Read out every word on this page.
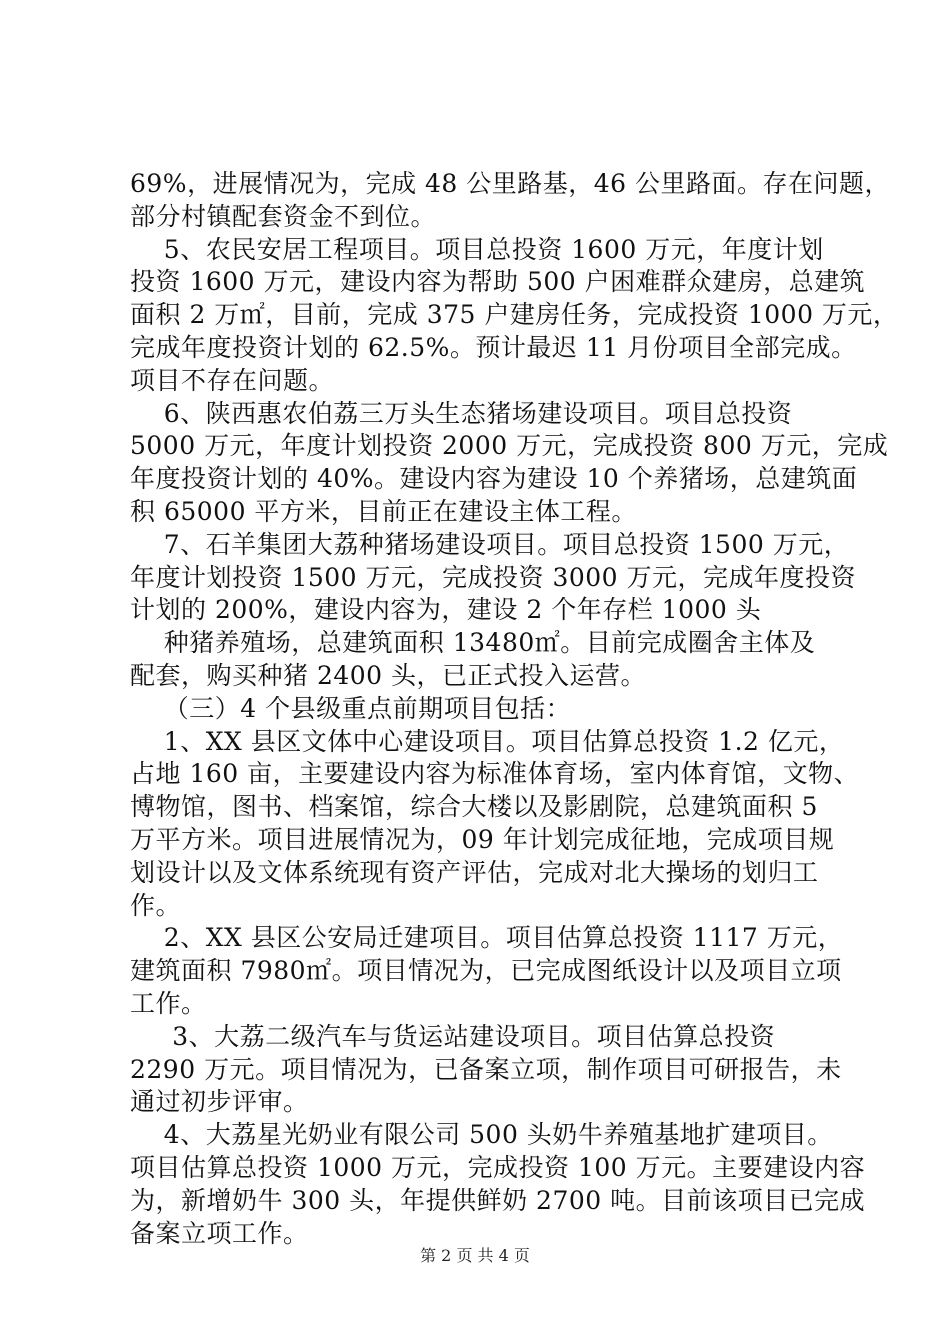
69%，进展情况为，完成 48 公里路基，46 公里路面。存在问题，
部分村镇配套资金不到位。
5、农民安居工程项目。项目总投资 1600 万元，年度计划
投资 1600 万元，建设内容为帮助 500 户困难群众建房，总建筑
面积 2 万㎡，目前，完成 375 户建房任务，完成投资 1000 万元，
完成年度投资计划的 62.5%。预计最迟 11 月份项目全部完成。
项目不存在问题。
6、陕西惠农伯荔三万头生态猪场建设项目。项目总投资
5000 万元，年度计划投资 2000 万元，完成投资 800 万元，完成
年度投资计划的 40%。建设内容为建设 10 个养猪场，总建筑面
积 65000 平方米，目前正在建设主体工程。
7、石羊集团大荔种猪场建设项目。项目总投资 1500 万元，
年度计划投资 1500 万元，完成投资 3000 万元，完成年度投资
计划的 200%，建设内容为，建设 2 个年存栏 1000 头
种猪养殖场，总建筑面积 13480㎡。目前完成圈舍主体及
配套，购买种猪 2400 头，已正式投入运营。
（三）4 个县级重点前期项目包括：
1、XX 县区文体中心建设项目。项目估算总投资 1.2 亿元，
占地 160 亩，主要建设内容为标准体育场，室内体育馆，文物、
博物馆，图书、档案馆，综合大楼以及影剧院，总建筑面积 5
万平方米。项目进展情况为，09 年计划完成征地，完成项目规
划设计以及文体系统现有资产评估，完成对北大操场的划归工
作。
2、XX 县区公安局迁建项目。项目估算总投资 1117 万元，
建筑面积 7980㎡。项目情况为，已完成图纸设计以及项目立项
工作。
3、大荔二级汽车与货运站建设项目。项目估算总投资
2290 万元。项目情况为，已备案立项，制作项目可研报告，未
通过初步评审。
4、大荔星光奶业有限公司 500 头奶牛养殖基地扩建项目。
项目估算总投资 1000 万元，完成投资 100 万元。主要建设内容
为，新增奶牛 300 头，年提供鲜奶 2700 吨。目前该项目已完成
备案立项工作。
第 2 页 共 4 页
